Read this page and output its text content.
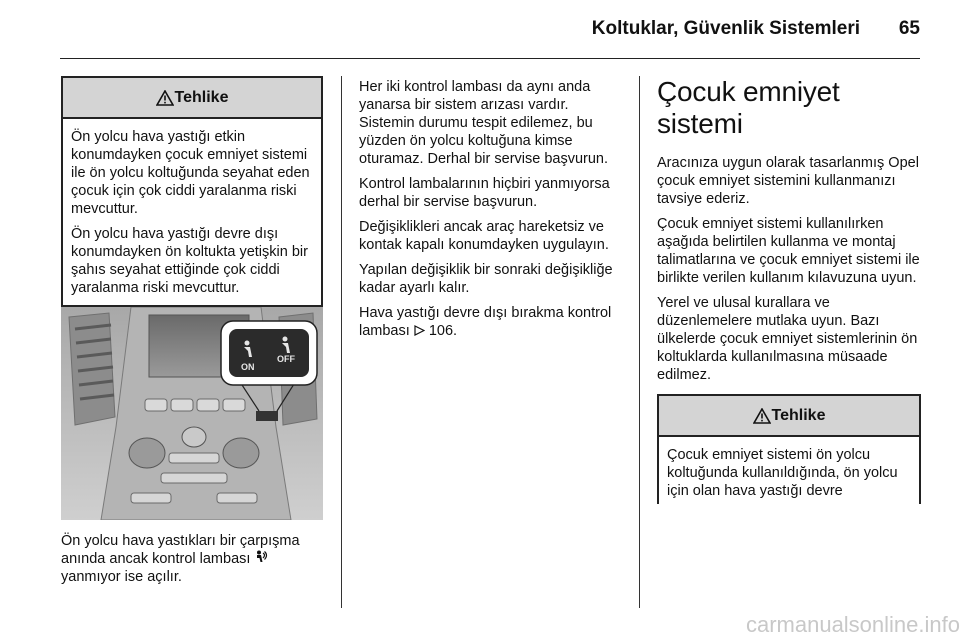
Koltuklar, Güvenlik Sistemleri	65
Tehlike

Ön yolcu hava yastığı etkin konumdayken çocuk emniyet sistemi ile ön yolcu koltuğunda seyahat eden çocuk için çok ciddi yaralanma riski mevcuttur.

Ön yolcu hava yastığı devre dışı konumdayken ön koltukta yetişkin bir şahıs seyahat ettiğinde çok ciddi yaralanma riski mevcuttur.

ON
OFF
Ön yolcu hava yastıkları bir çarpışma anında ancak kontrol lambası
yanmıyor ise açılır.

Her iki kontrol lambası da aynı anda yanarsa bir sistem arızası vardır. Sistemin durumu tespit edilemez, bu yüzden ön yolcu koltuğuna kimse oturamaz. Derhal bir servise başvurun.

Kontrol lambalarının hiçbiri yanmıyorsa derhal bir servise başvurun.

Değişiklikleri ancak araç hareketsiz ve kontak kapalı konumdayken uygulayın.

Yapılan değişiklik bir sonraki değişikliğe kadar ayarlı kalır.

Hava yastığı devre dışı bırakma kontrol lambası 106.

Çocuk emniyet sistemi

Aracınıza uygun olarak tasarlanmış Opel çocuk emniyet sistemini kullanmanızı tavsiye ederiz.

Çocuk emniyet sistemi kullanılırken aşağıda belirtilen kullanma ve montaj talimatlarına ve çocuk emniyet sistemi ile birlikte verilen kullanım kılavuzuna uyun.

Yerel ve ulusal kurallara ve düzenlemelere mutlaka uyun. Bazı ülkelerde çocuk emniyet sistemlerinin ön koltuklarda kullanılmasına müsaade edilmez.

Tehlike

Çocuk emniyet sistemi ön yolcu koltuğunda kullanıldığında, ön yolcu için olan hava yastığı devre

carmanualsonline.info
